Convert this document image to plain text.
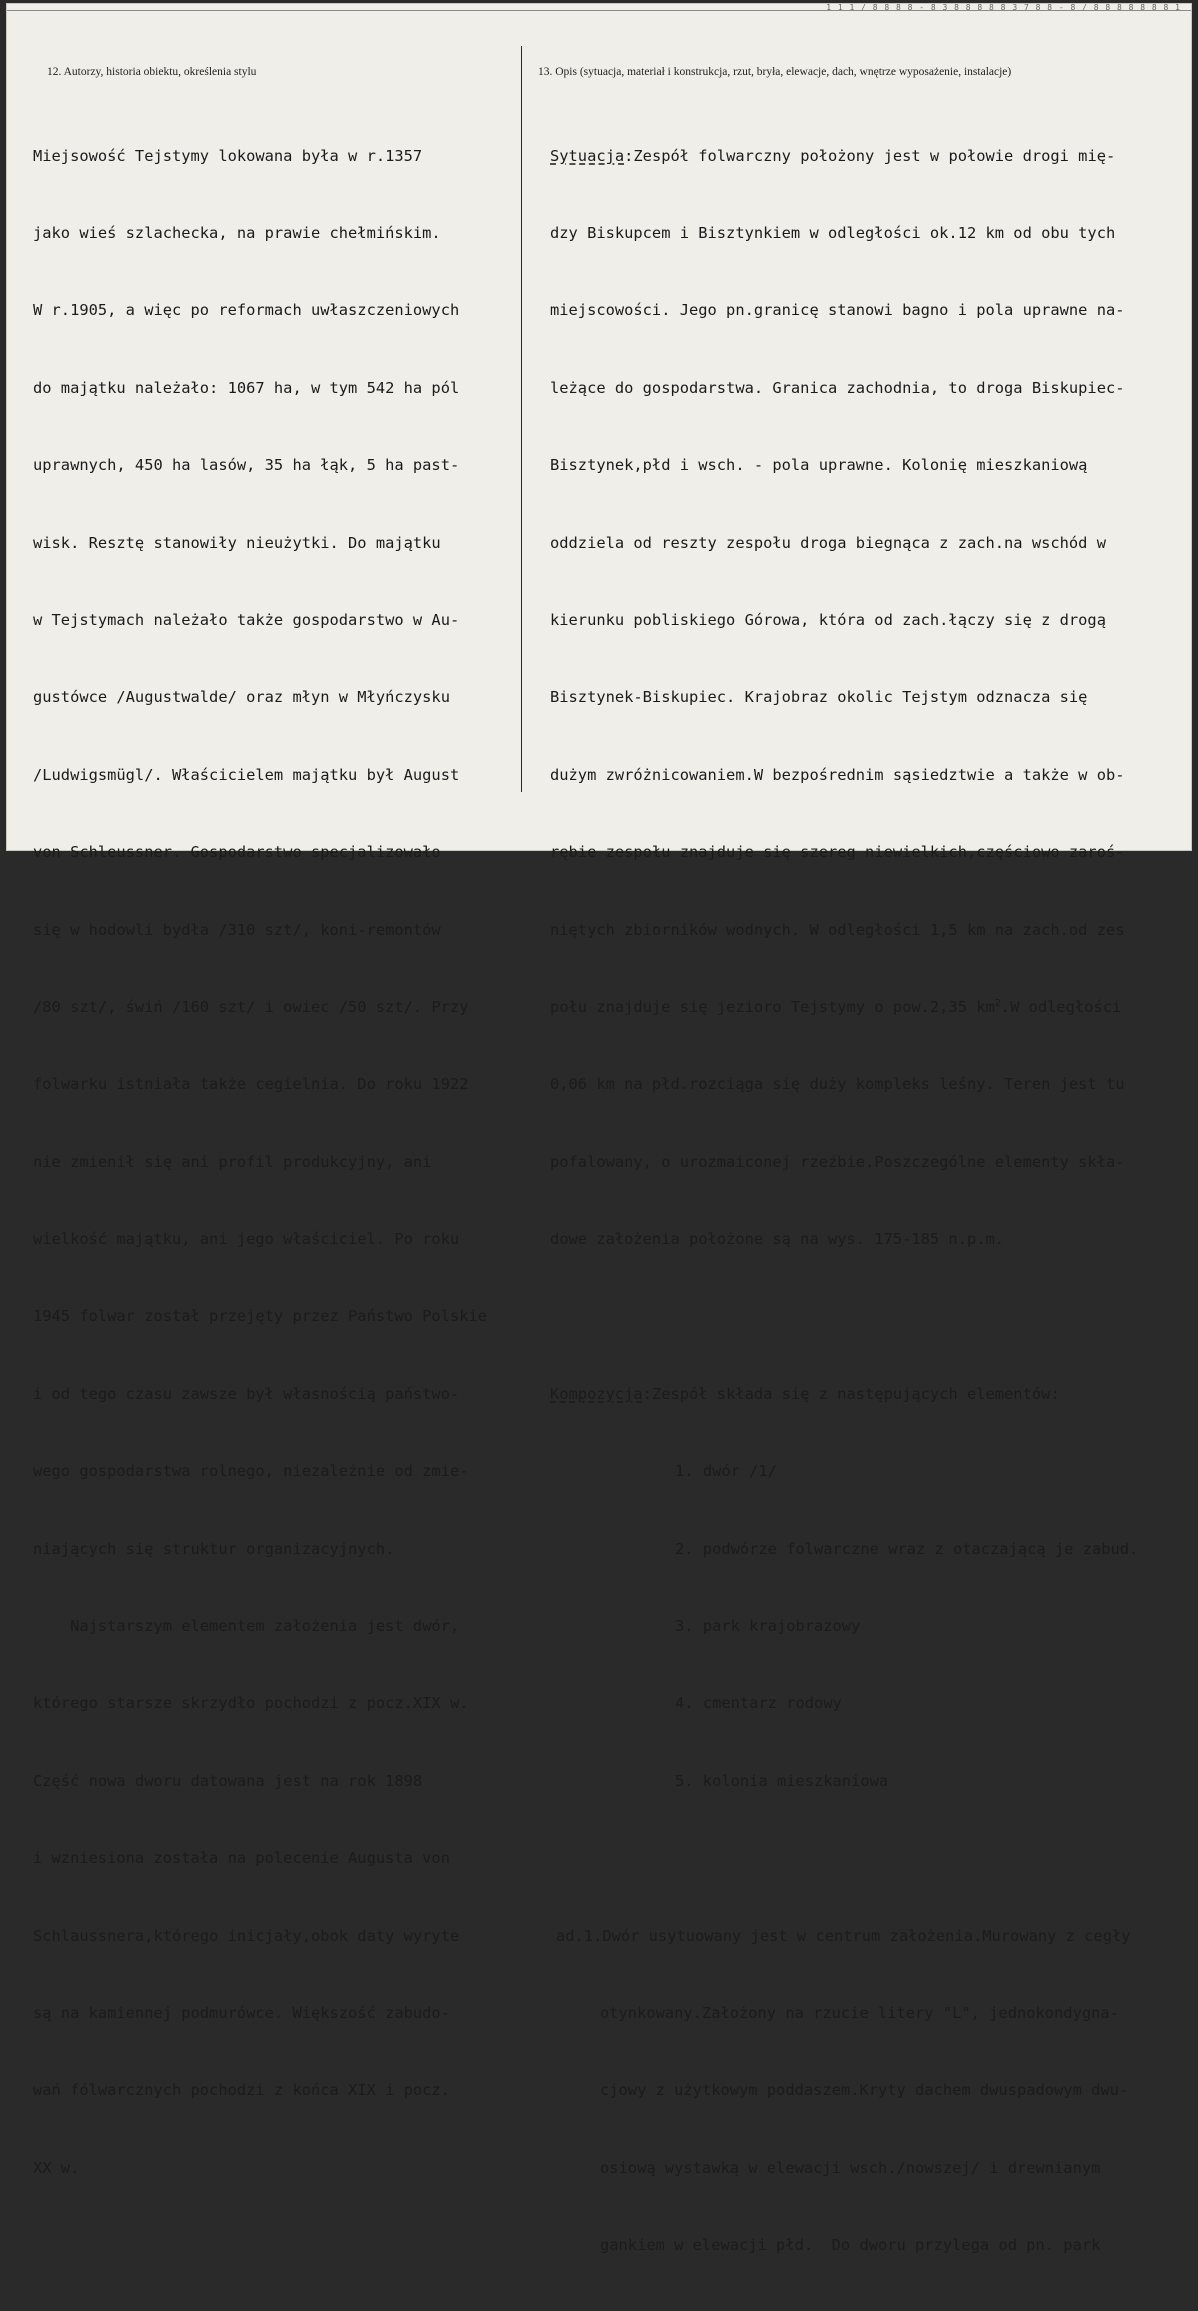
1 1 1 / 8 8 8 8 - 8 3 8 8 8 8 8 3 7 8 8 - 8 / 8 8 8 8 8 8 8 1
12. Autorzy, historia obiektu, określenia stylu	13. Opis (sytuacja, materiał i konstrukcja, rzut, bryła, elewacje, dach, wnętrze wyposażenie, instalacje)

Miejsowość Tejstymy lokowana była w r.1357

jako wieś szlachecka, na prawie chełmińskim.

W r.1905, a więc po reformach uwłaszczeniowych

do majątku należało: 1067 ha, w tym 542 ha pól

uprawnych, 450 ha lasów, 35 ha łąk, 5 ha past-

wisk. Resztę stanowiły nieużytki. Do majątku

w Tejstymach należało także gospodarstwo w Au-

gustówce /Augustwalde/ oraz młyn w Młyńczysku

/Ludwigsmügl/. Właścicielem majątku był August

von Schleussner. Gospodarstwo specjalizowało

się w hodowli bydła /310 szt/, koni-remontów

/80 szt/, świń /160 szt/ i owiec /50 szt/. Przy

folwarku istniała także cegielnia. Do roku 1922

nie zmienił się ani profil produkcyjny, ani

wielkość majątku, ani jego właściciel. Po roku

1945 folwar został przejęty przez Państwo Polskie

i od tego czasu zawsze był własnością państwo-

wego gospodarstwa rolnego, niezależnie od zmie-

niających się struktur organizacyjnych.

Najstarszym elementem założenia jest dwór,

którego starsze skrzydło pochodzi z pocz.XIX w.

Część nowa dworu datowana jest na rok 1898

i wzniesiona została na polecenie Augusta von

Schlaussnera,którego inicjały,obok daty wyryte

są na kamiennej podmurówce. Większość zabudo-

wań fólwarcznych pochodzi z końca XIX i pocz.

XX w.

Sytuacja:Zespół folwarczny położony jest w połowie drogi mię-

dzy Biskupcem i Bisztynkiem w odległości ok.12 km od obu tych

miejscowości. Jego pn.granicę stanowi bagno i pola uprawne na-

leżące do gospodarstwa. Granica zachodnia, to droga Biskupiec-

Bisztynek,płd i wsch. - pola uprawne. Kolonię mieszkaniową

oddziela od reszty zespołu droga biegnąca z zach.na wschód w

kierunku pobliskiego Górowa, która od zach.łączy się z drogą

Bisztynek-Biskupiec. Krajobraz okolic Tejstym odznacza się

dużym zwróżnicowaniem.W bezpośrednim sąsiedztwie a także w ob-

rębie zespołu znajduje się szereg niewielkich,częściowo zaroś-

niętych zbiorników wodnych. W odległości 1,5 km na zach.od zes

połu znajduje się jezioro Tejstymy o pow.2,35 $km^2.W$ odległości

0,06 km na płd.rozciąga się duży kompleks leśny. Teren jest tu

pofalowany, o urozmaiconej rzeźbie.Poszczególne elementy skła-

dowe założenia położone są na wys. 175-185 n.p.m.

Kompozycja:Zespół składa się z następujących elementów:

1. dwór /1/

2. podwórze folwarczne wraz z otaczającą je zabud.

3. park krajobrazowy

4. cmentarz rodowy

5. kolonia mieszkaniowa

ad.1.Dwór usytuowany jest w centrum założenia.Murowany z cegły

otynkowany.Założony na rzucie litery "L", jednokondygna-

cjowy z użytkowym poddaszem.Kryty dachem dwuspadowym dwu-

osiową wystawką w elewacji wsch./nowszej/ i drewnianym

gankiem w elewacji płd.  Do dworu przylega od pn. park
